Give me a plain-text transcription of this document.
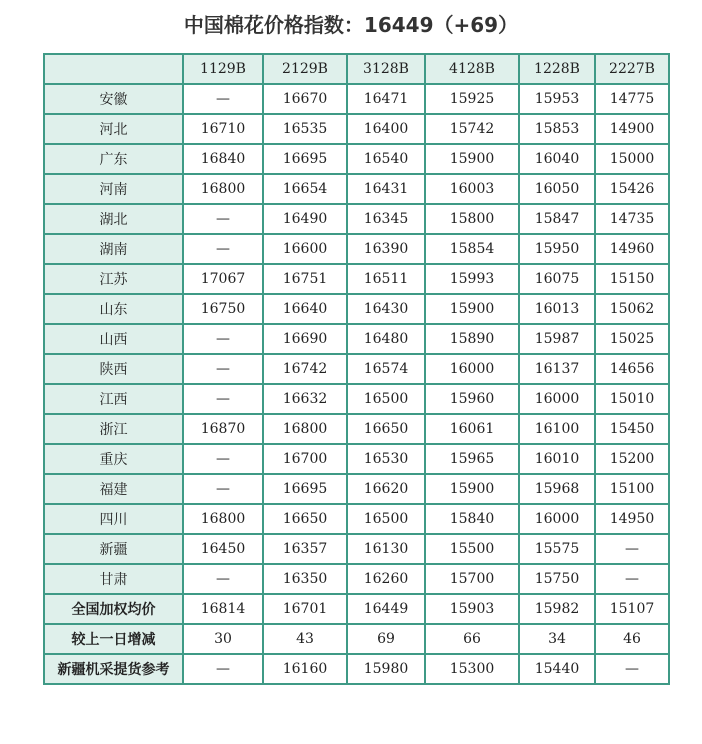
中国棉花价格指数：16449（+69）
	1129B	2129B	3128B	4128B	1228B	2227B
安徽	—	16670	16471	15925	15953	14775
河北	16710	16535	16400	15742	15853	14900
广东	16840	16695	16540	15900	16040	15000
河南	16800	16654	16431	16003	16050	15426
湖北	—	16490	16345	15800	15847	14735
湖南	—	16600	16390	15854	15950	14960
江苏	17067	16751	16511	15993	16075	15150
山东	16750	16640	16430	15900	16013	15062
山西	—	16690	16480	15890	15987	15025
陕西	—	16742	16574	16000	16137	14656
江西	—	16632	16500	15960	16000	15010
浙江	16870	16800	16650	16061	16100	15450
重庆	—	16700	16530	15965	16010	15200
福建	—	16695	16620	15900	15968	15100
四川	16800	16650	16500	15840	16000	14950
新疆	16450	16357	16130	15500	15575	—
甘肃	—	16350	16260	15700	15750	—
全国加权均价	16814	16701	16449	15903	15982	15107
较上一日增减	30	43	69	66	34	46
新疆机采提货参考	—	16160	15980	15300	15440	—
